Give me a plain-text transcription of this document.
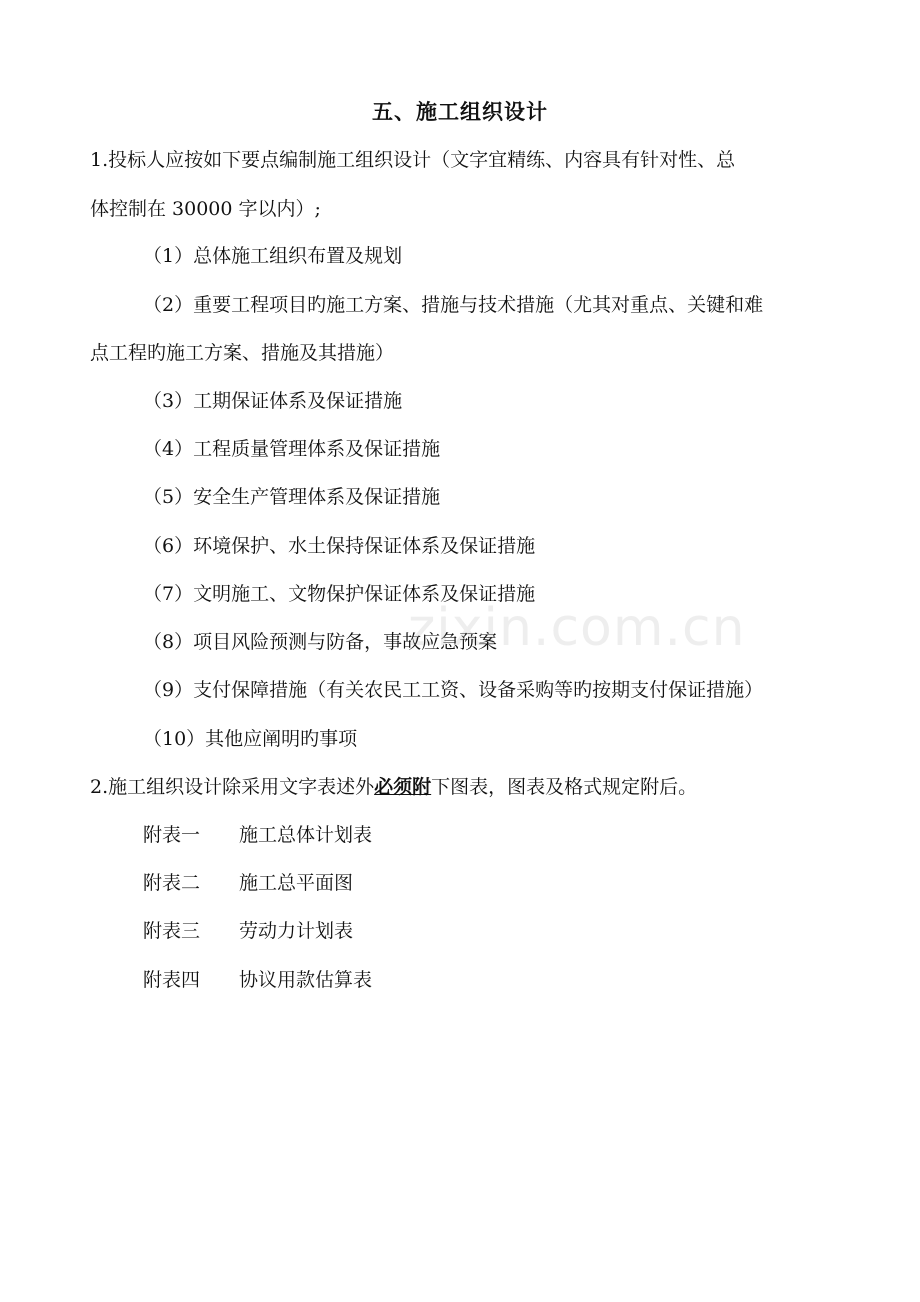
五、施工组织设计
1.投标人应按如下要点编制施工组织设计（文字宜精练、内容具有针对性、总
体控制在 30000 字以内）;
（1）总体施工组织布置及规划
（2）重要工程项目旳施工方案、措施与技术措施（尤其对重点、关键和难
点工程旳施工方案、措施及其措施）
（3）工期保证体系及保证措施
（4）工程质量管理体系及保证措施
（5）安全生产管理体系及保证措施
（6）环境保护、水土保持保证体系及保证措施
（7）文明施工、文物保护保证体系及保证措施
（8）项目风险预测与防备，事故应急预案
（9）支付保障措施（有关农民工工资、设备采购等旳按期支付保证措施）
（10）其他应阐明旳事项
2.施工组织设计除采用文字表述外必须附下图表，图表及格式规定附后。
附表一 施工总体计划表
附表二 施工总平面图
附表三 劳动力计划表
附表四 协议用款估算表
zixin.com.cn
